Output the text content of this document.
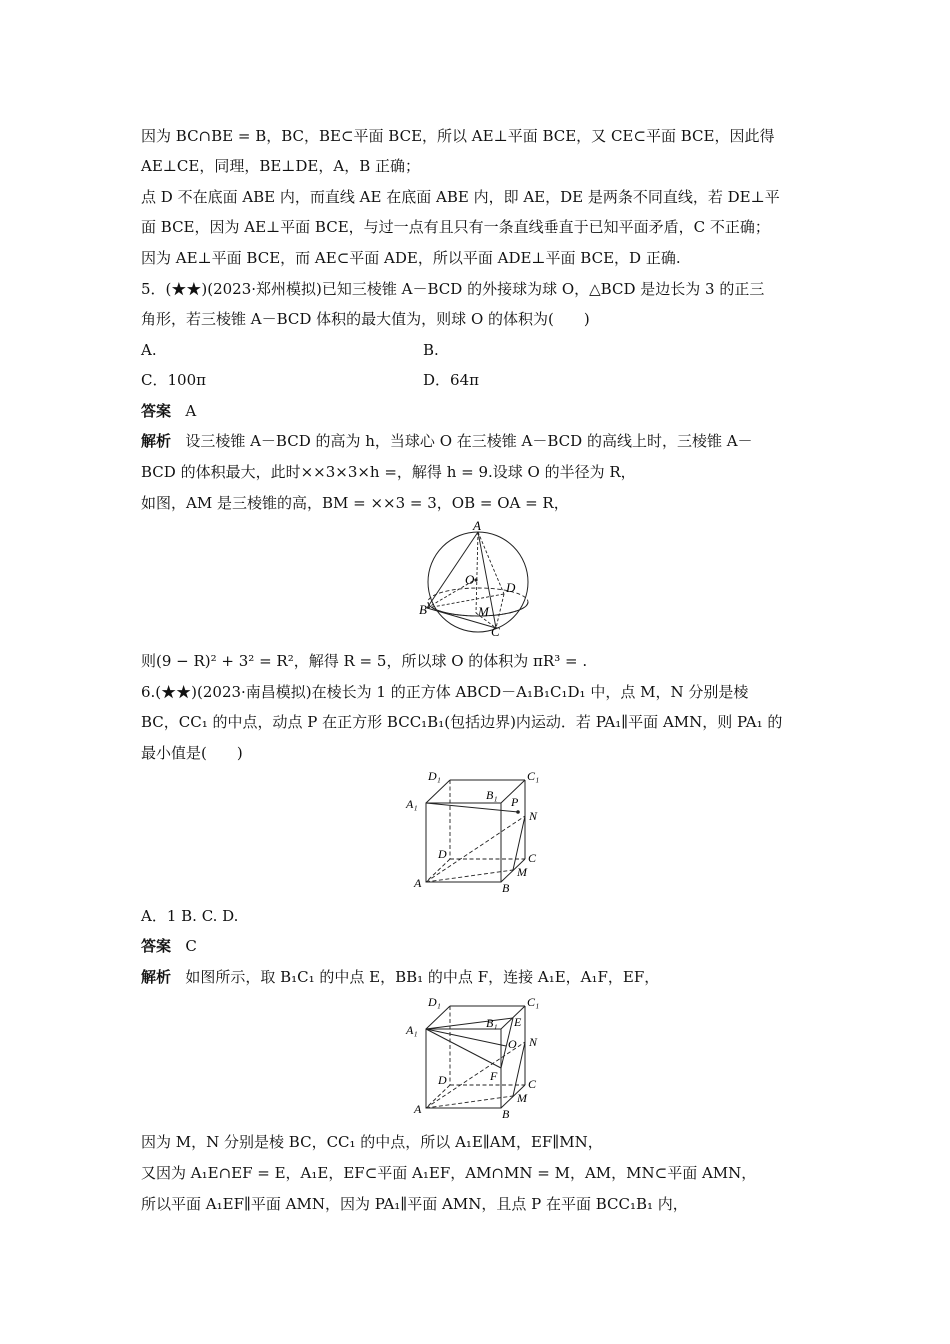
因为 BC∩BE = B，BC，BE⊂平面 BCE，所以 AE⊥平面 BCE，又 CE⊂平面 BCE，因此得
AE⊥CE，同理，BE⊥DE，A，B 正确；
点 D 不在底面 ABE 内，而直线 AE 在底面 ABE 内，即 AE，DE 是两条不同直线，若 DE⊥平
面 BCE，因为 AE⊥平面 BCE，与过一点有且只有一条直线垂直于已知平面矛盾，C 不正确；
因为 AE⊥平面 BCE，而 AE⊂平面 ADE，所以平面 ADE⊥平面 BCE，D 正确.
5．(★★)(2023·郑州模拟)已知三棱锥 A－BCD 的外接球为球 O，△BCD 是边长为 3 的正三
角形，若三棱锥 A－BCD 体积的最大值为，则球 O 的体积为(　　)
A.	B.
C．100π	D．64π
答案 A
解析 设三棱锥 A－BCD 的高为 h，当球心 O 在三棱锥 A－BCD 的高线上时，三棱锥 A－
BCD 的体积最大，此时××3×3×h =，解得 h = 9.设球 O 的半径为 R，
如图，AM 是三棱锥的高，BM = ××3 = 3，OB = OA = R，
A
O
D
B	M
C
则(9 − R)² + 3² = R²，解得 R = 5，所以球 O 的体积为 πR³ = .
6.(★★)(2023·南昌模拟)在棱长为 1 的正方体 ABCD－A₁B₁C₁D₁ 中，点 M，N 分别是棱
BC，CC₁ 的中点，动点 P 在正方形 BCC₁B₁(包括边界)内运动．若 PA₁∥平面 AMN，则 PA₁ 的
最小值是(　　)
D₁	C₁
A₁
B₁ P
N
D	C
A
M
B
A．1 B. C. D.
答案 C
解析 如图所示，取 B₁C₁ 的中点 E，BB₁ 的中点 F，连接 A₁E，A₁F，EF，
D₁	C₁
A₁	B₁ E
O N
F
D	C
A
M
B
因为 M，N 分别是棱 BC，CC₁ 的中点，所以 A₁E∥AM，EF∥MN，
又因为 A₁E∩EF = E，A₁E，EF⊂平面 A₁EF，AM∩MN = M，AM，MN⊂平面 AMN，
所以平面 A₁EF∥平面 AMN，因为 PA₁∥平面 AMN，且点 P 在平面 BCC₁B₁ 内，
